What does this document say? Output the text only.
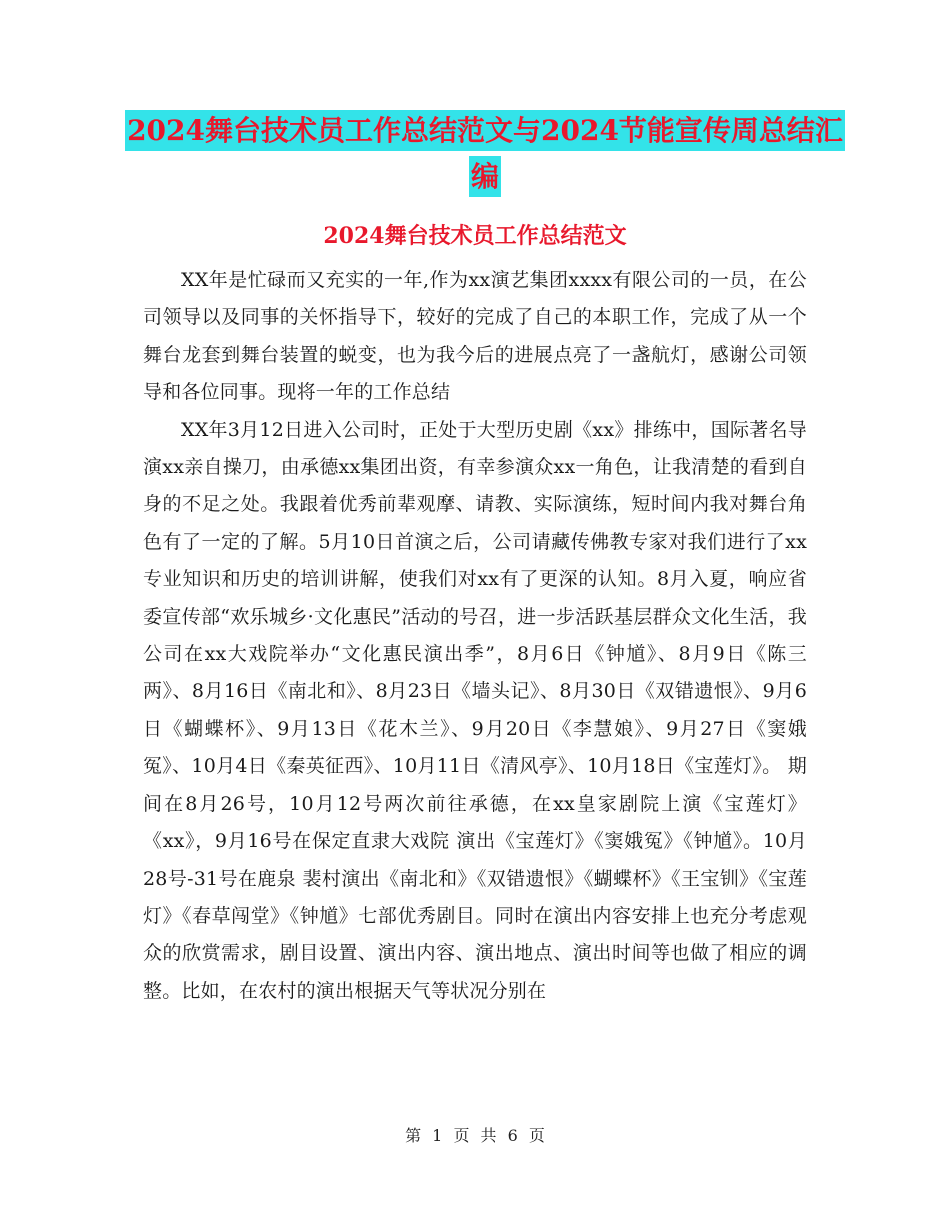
2024舞台技术员工作总结范文与2024节能宣传周总结汇编
2024舞台技术员工作总结范文

XX年是忙碌而又充实的一年,作为xx演艺集团xxxx有限公司的一员，在公司领导以及同事的关怀指导下，较好的完成了自己的本职工作，完成了从一个舞台龙套到舞台装置的蜕变，也为我今后的进展点亮了一盏航灯，感谢公司领导和各位同事。现将一年的工作总结

XX年3月12日进入公司时，正处于大型历史剧《xx》排练中，国际著名导演xx亲自操刀，由承德xx集团出资，有幸参演众xx一角色，让我清楚的看到自身的不足之处。我跟着优秀前辈观摩、请教、实际演练，短时间内我对舞台角色有了一定的了解。5月10日首演之后，公司请藏传佛教专家对我们进行了xx专业知识和历史的培训讲解，使我们对xx有了更深的认知。8月入夏，响应省委宣传部“欢乐城乡·文化惠民”活动的号召，进一步活跃基层群众文化生活，我公司在xx大戏院举办“文化惠民演出季”，8月6日《钟馗》、8月9日《陈三两》、8月16日《南北和》、8月23日《墙头记》、8月30日《双错遗恨》、9月6日《蝴蝶杯》、9月13日《花木兰》、9月20日《李慧娘》、9月27日《窦娥冤》、10月4日《秦英征西》、10月11日《清风亭》、10月18日《宝莲灯》。 期间在8月26号，10月12号两次前往承德，在xx皇家剧院上演《宝莲灯》《xx》，9月16号在保定直隶大戏院 演出《宝莲灯》《窦娥冤》《钟馗》。10月28号-31号在鹿泉 裴村演出《南北和》《双错遗恨》《蝴蝶杯》《王宝钏》《宝莲灯》《春草闯堂》《钟馗》七部优秀剧目。同时在演出内容安排上也充分考虑观众的欣赏需求，剧目设置、演出内容、演出地点、演出时间等也做了相应的调整。比如，在农村的演出根据天气等状况分别在

第 1 页 共 6 页
